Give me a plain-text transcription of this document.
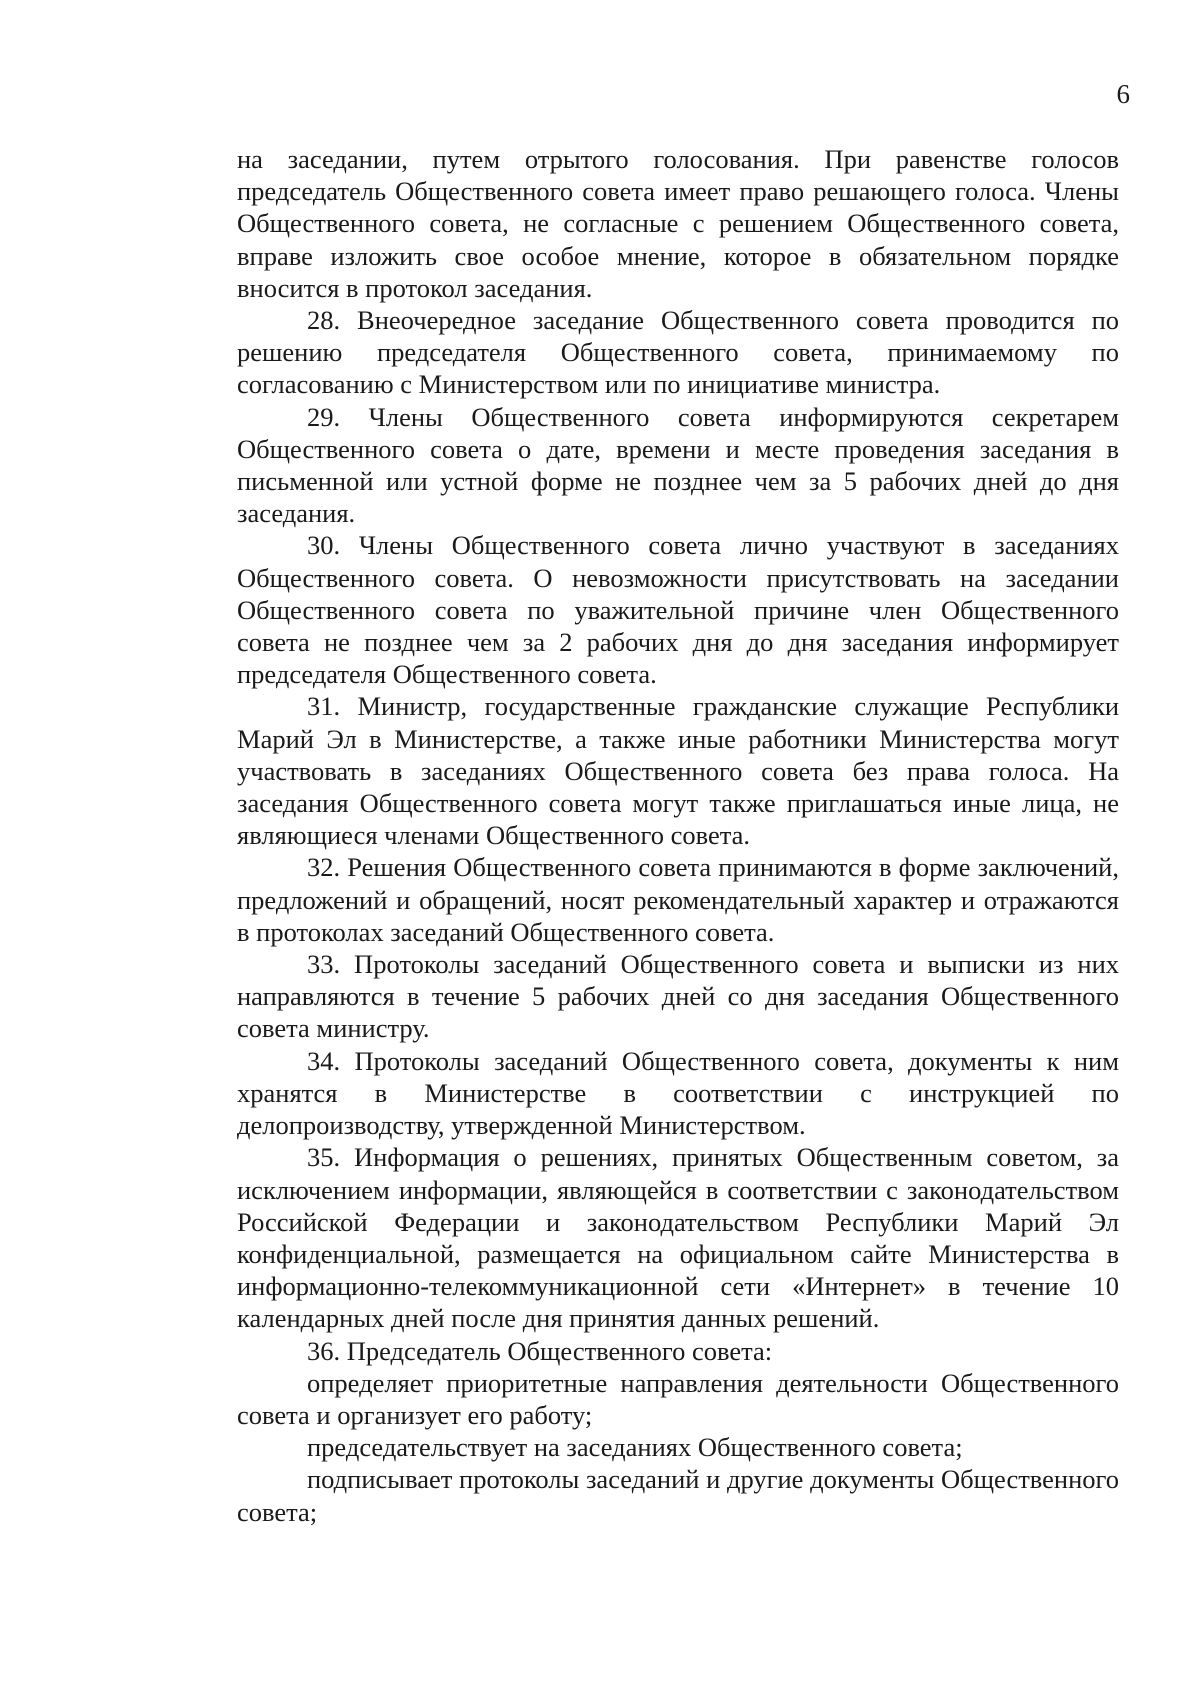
6

на заседании, путем отрытого голосования. При равенстве голосов председатель Общественного совета имеет право решающего голоса. Члены Общественного совета, не согласные с решением Общественного совета, вправе изложить свое особое мнение, которое в обязательном порядке вносится в протокол заседания.

28. Внеочередное заседание Общественного совета проводится по решению председателя Общественного совета, принимаемому по согласованию с Министерством или по инициативе министра.

29. Члены Общественного совета информируются секретарем Общественного совета о дате, времени и месте проведения заседания в письменной или устной форме не позднее чем за 5 рабочих дней до дня заседания.

30. Члены Общественного совета лично участвуют в заседаниях Общественного совета. О невозможности присутствовать на заседании Общественного совета по уважительной причине член Общественного совета не позднее чем за 2 рабочих дня до дня заседания информирует председателя Общественного совета.

31. Министр, государственные гражданские служащие Республики Марий Эл в Министерстве, а также иные работники Министерства могут участвовать в заседаниях Общественного совета без права голоса. На заседания Общественного совета могут также приглашаться иные лица, не являющиеся членами Общественного совета.

32. Решения Общественного совета принимаются в форме заключений, предложений и обращений, носят рекомендательный характер и отражаются в протоколах заседаний Общественного совета.

33. Протоколы заседаний Общественного совета и выписки из них направляются в течение 5 рабочих дней со дня заседания Общественного совета министру.

34. Протоколы заседаний Общественного совета, документы к ним хранятся в Министерстве в соответствии с инструкцией по делопроизводству, утвержденной Министерством.

35. Информация о решениях, принятых Общественным советом, за исключением информации, являющейся в соответствии с законодательством Российской Федерации и законодательством Республики Марий Эл конфиденциальной, размещается на официальном сайте Министерства в информационно-телекоммуникационной сети «Интернет» в течение 10 календарных дней после дня принятия данных решений.

36. Председатель Общественного совета:

определяет приоритетные направления деятельности Общественного совета и организует его работу;

председательствует на заседаниях Общественного совета;

подписывает протоколы заседаний и другие документы Общественного совета;
